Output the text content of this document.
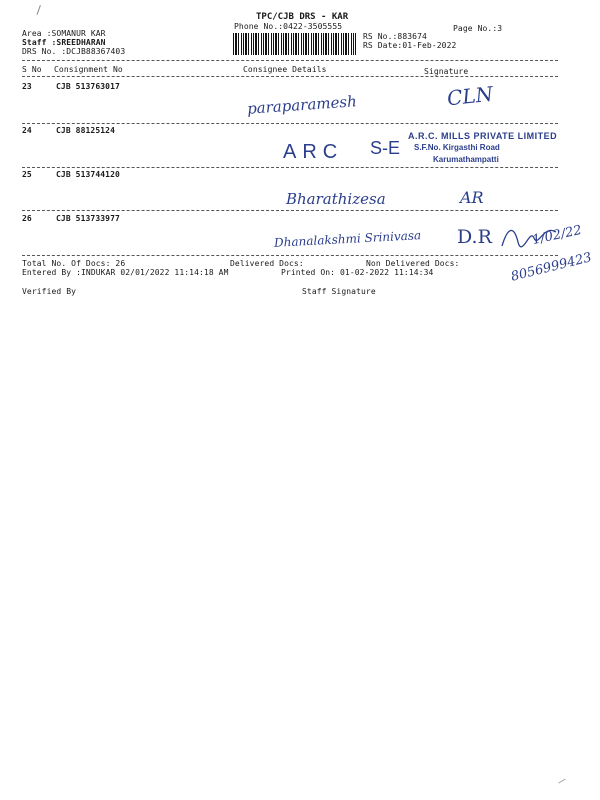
TPC/CJB DRS - KAR
Phone No.:0422-3505555	Page No.:3
Area :SOMANUR KAR
Staff :SREEDHARAN
DRS No. :DCJB88367403
RS No.:883674
RS Date:01-Feb-2022
S No Consignment No	Consignee Details	Signature
23	CJB 513763017
paraparamesh	CLN
24	CJB 88125124
ARC S-E
A.R.C. MILLS PRIVATE LIMITED
S.F.No. Kirgasthi Road
Karumathampatti
25	CJB 513744120
Bharathizesa	AR
26	CJB 513733977
Dhanalakshmi Srinivasa D.R	1/02/22
8056999423
Total No. Of Docs: 26	Delivered Docs:	Non Delivered Docs:
Entered By :INDUKAR 02/01/2022 11:14:18 AM	Printed On: 01-02-2022 11:14:34
Verified By	Staff Signature
